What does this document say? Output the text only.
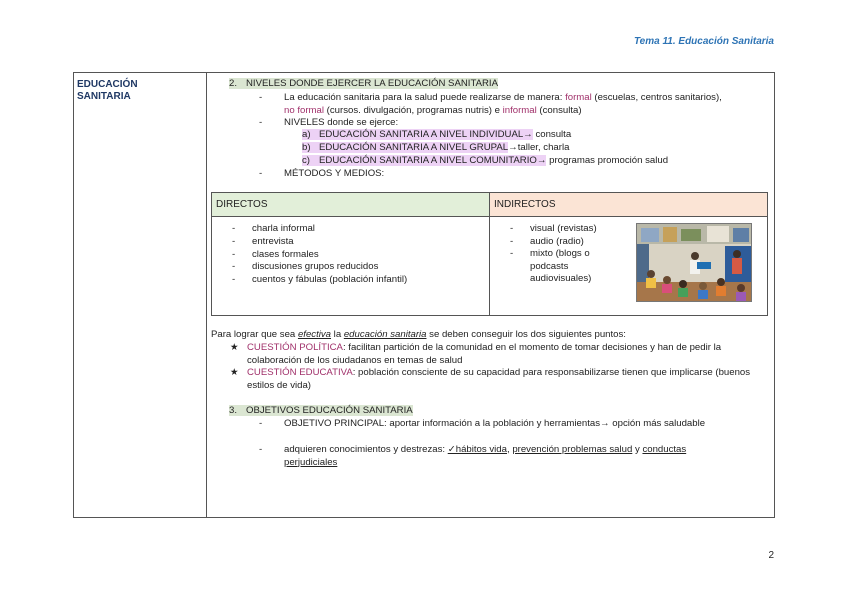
Tema 11. Educación Sanitaria
EDUCACIÓN
SANITARIA
2. NIVELES DONDE EJERCER LA EDUCACIÓN SANITARIA
- La educación sanitaria para la salud puede realizarse de manera: formal (escuelas, centros sanitarios), no formal (cursos. divulgación, programas nutris) e informal (consulta)
- NIVELES donde se ejerce:
a) EDUCACIÓN SANITARIA A NIVEL INDIVIDUAL→ consulta
b) EDUCACIÓN SANITARIA A NIVEL GRUPAL→taller, charla
c) EDUCACIÓN SANITARIA A NIVEL COMUNITARIO→ programas promoción salud
- MÉTODOS Y MEDIOS:
DIRECTOS
- charla informal
- entrevista
- clases formales
- discusiones grupos reducidos
- cuentos y fábulas (población infantil)
INDIRECTOS
- visual (revistas)
- audio (radio)
- mixto (blogs o podcasts audiovisuales)
Para lograr que sea efectiva la educación sanitaria se deben conseguir los dos siguientes puntos:
★ CUESTIÓN POLÍTICA: facilitan partición de la comunidad en el momento de tomar decisiones y han de pedir la colaboración de los ciudadanos en temas de salud
★ CUESTIÓN EDUCATIVA: población consciente de su capacidad para responsabilizarse tienen que implicarse (buenos estilos de vida)
3. OBJETIVOS EDUCACIÓN SANITARIA
- OBJETIVO PRINCIPAL: aportar información a la población y herramientas→ opción más saludable
- adquieren conocimientos y destrezas: ✓hábitos vida, prevención problemas salud y conductas perjudiciales
2
